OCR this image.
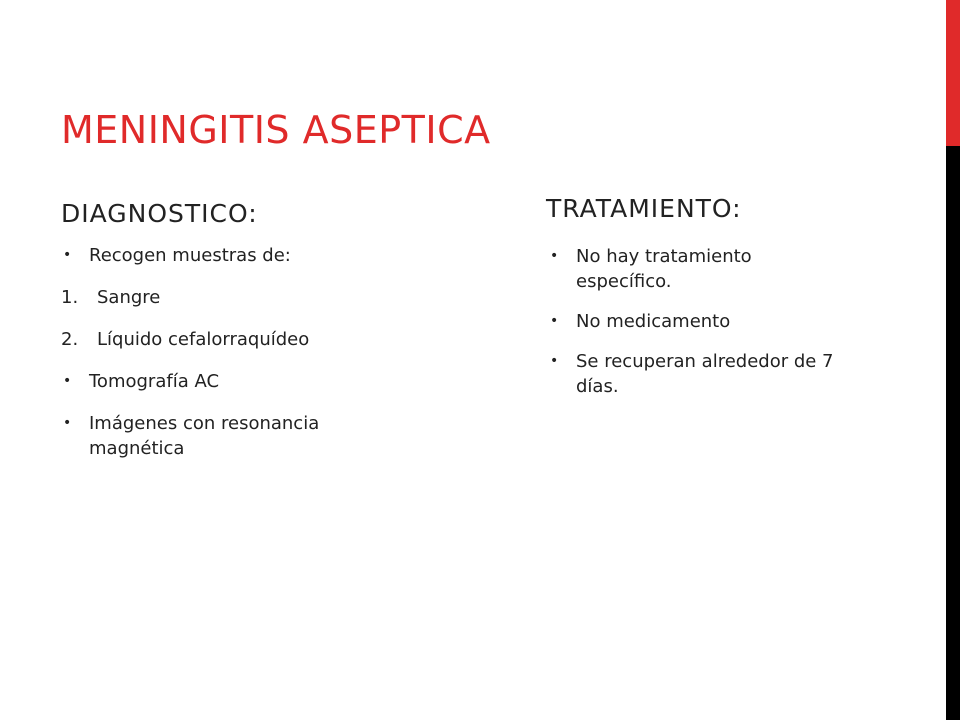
MENINGITIS ASEPTICA
DIAGNOSTICO:
• Recogen muestras de:
1. Sangre
2. Líquido cefalorraquídeo
• Tomografía AC
• Imágenes con resonancia magnética
TRATAMIENTO:
• No hay tratamiento específico.
• No medicamento
• Se recuperan alrededor de 7 días.
